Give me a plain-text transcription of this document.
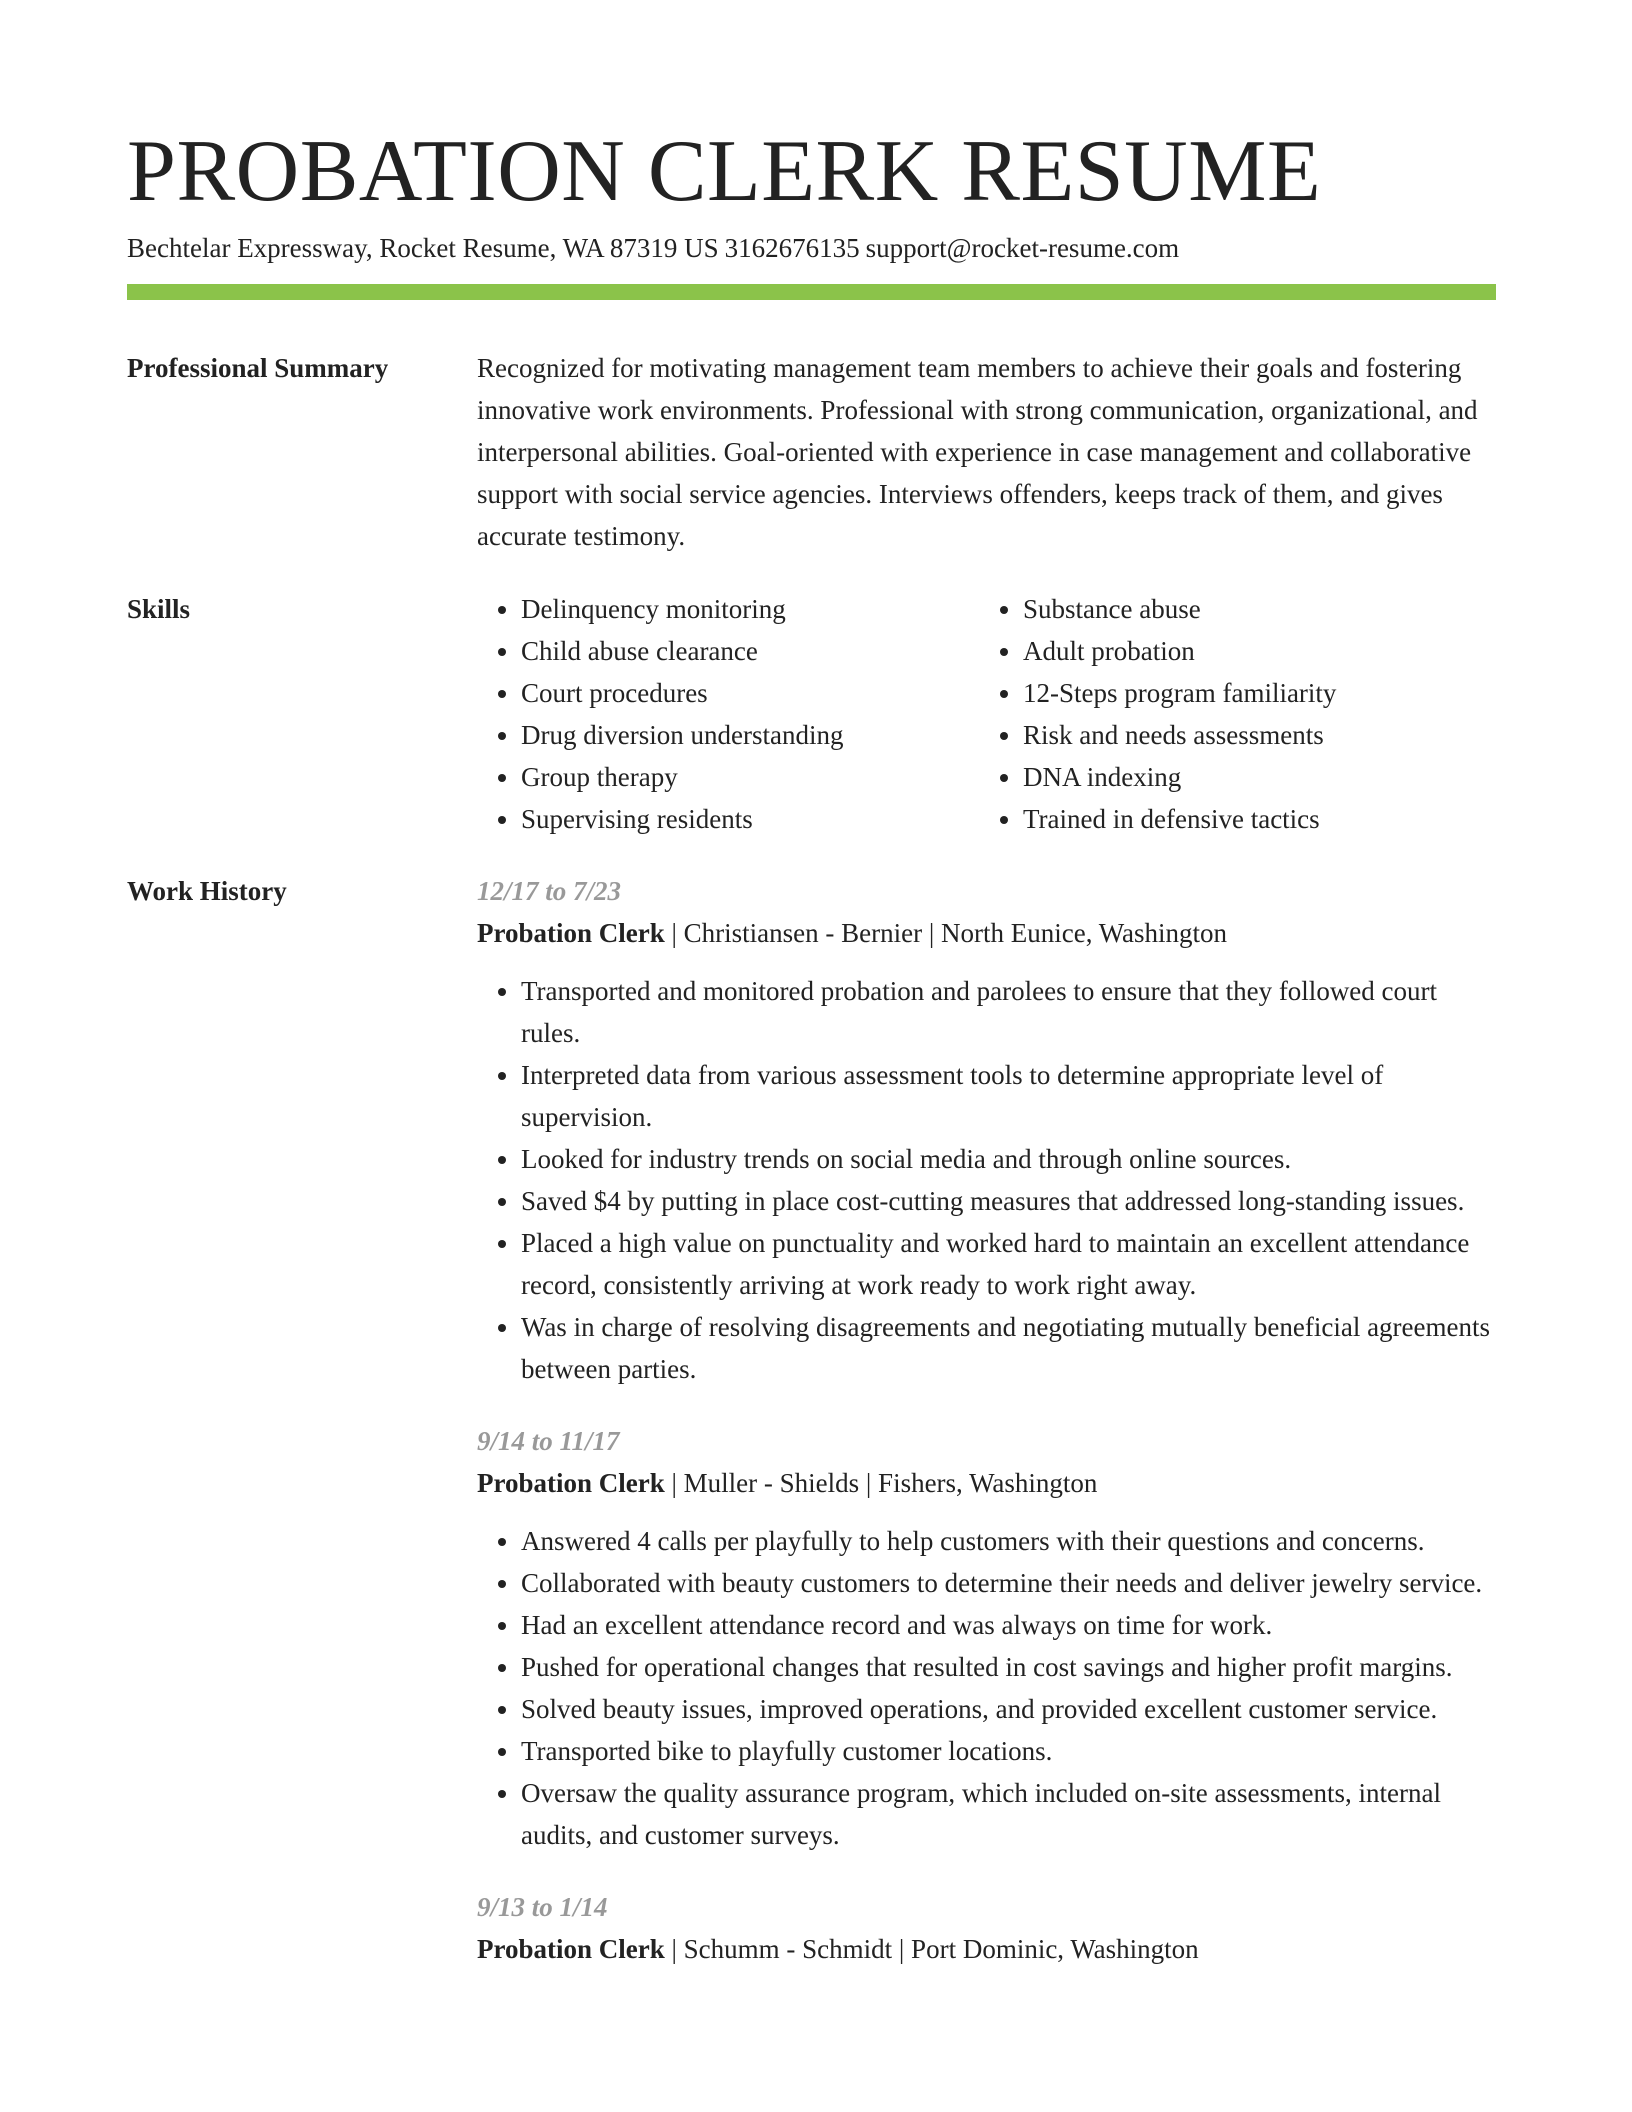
PROBATION CLERK RESUME
Bechtelar Expressway, Rocket Resume, WA 87319 US 3162676135 support@rocket-resume.com
Professional Summary	Recognized for motivating management team members to achieve their goals and fostering innovative work environments. Professional with strong communication, organizational, and interpersonal abilities. Goal-oriented with experience in case management and collaborative support with social service agencies. Interviews offenders, keeps track of them, and gives accurate testimony.

Skills
•	Delinquency monitoring
• Child abuse clearance
• Court procedures
• Drug diversion understanding
• Group therapy
• Supervising residents
• Substance abuse
• Adult probation
• 12-Steps program familiarity
• Risk and needs assessments
• DNA indexing
• Trained in defensive tactics
Work History	12/17 to 7/23
Probation Clerk | Christiansen - Bernier | North Eunice, Washington
• Transported and monitored probation and parolees to ensure that they followed court rules.
• Interpreted data from various assessment tools to determine appropriate level of supervision.
• Looked for industry trends on social media and through online sources.
• Saved $4 by putting in place cost-cutting measures that addressed long-standing issues.
• Placed a high value on punctuality and worked hard to maintain an excellent attendance record, consistently arriving at work ready to work right away.
• Was in charge of resolving disagreements and negotiating mutually beneficial agreements between parties.
9/14 to 11/17
Probation Clerk | Muller - Shields | Fishers, Washington
• Answered 4 calls per playfully to help customers with their questions and concerns.
• Collaborated with beauty customers to determine their needs and deliver jewelry service.
• Had an excellent attendance record and was always on time for work.
• Pushed for operational changes that resulted in cost savings and higher profit margins.
• Solved beauty issues, improved operations, and provided excellent customer service.
• Transported bike to playfully customer locations.
• Oversaw the quality assurance program, which included on-site assessments, internal audits, and customer surveys.
9/13 to 1/14
Probation Clerk | Schumm - Schmidt | Port Dominic, Washington
